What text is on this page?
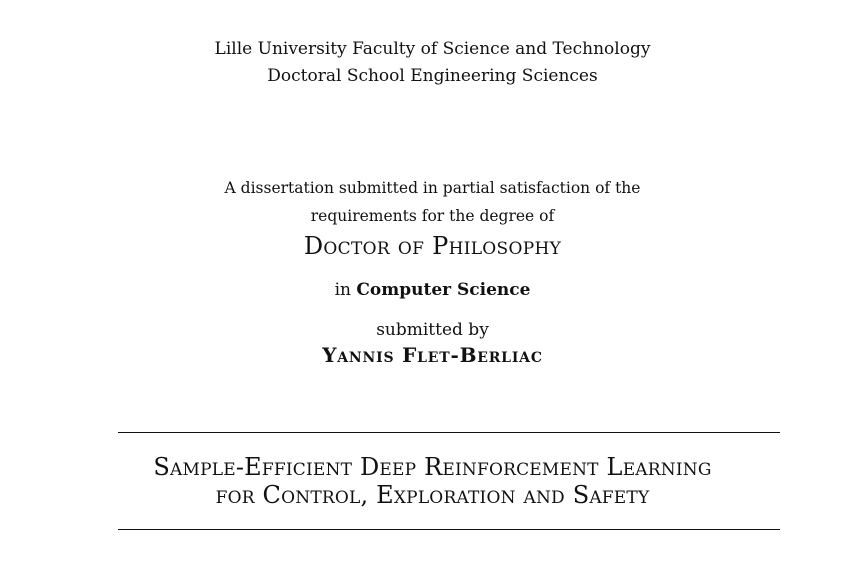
Lille University Faculty of Science and Technology
Doctoral School Engineering Sciences
A dissertation submitted in partial satisfaction of the
requirements for the degree of
Doctor of Philosophy
in Computer Science
submitted by
Yannis Flet-Berliac
Sample-Efficient Deep Reinforcement Learning
for Control, Exploration and Safety
